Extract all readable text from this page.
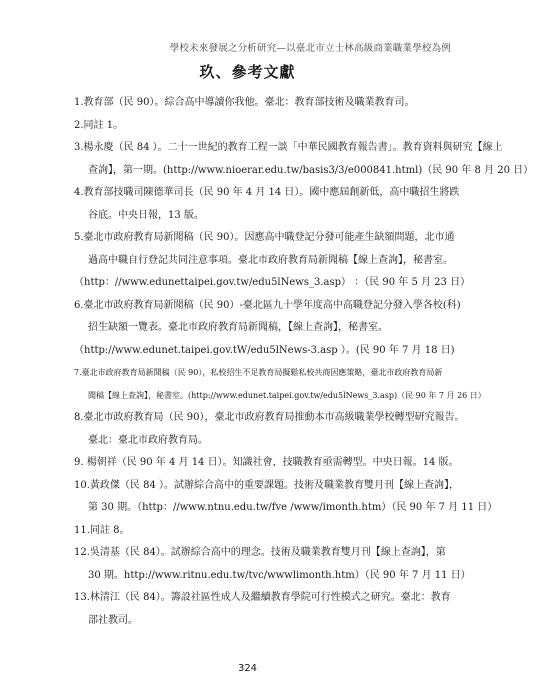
學校未來發展之分析研究—以臺北市立士林高級商業職業學校為例
玖、參考文獻
1.教育部（民 90）。綜合高中導讀你我他。臺北：教育部技術及職業教育司。
2.同註 1。
3.楊永慶（民 84 ）。二十一世紀的教育工程一談「中華民國教育報告書」。教育資料與研究【線上
查詢】，第一期。(http://www.nioerar.edu.tw/basis3/3/e000841.html)（民 90 年 8 月 20 日）
4.教育部技職司陳德華司長（民 90 年 4 月 14 日）。國中應屆創新低，高中職招生將跌
谷底。中央日報，13 版。
5.臺北市政府教育局新聞稿（民 90）。因應高中職登記分發可能產生缺額問題，北市通
過高中職自行登記共同注意事項。臺北市政府教育局新聞稿【線上查詢】，秘書室。
（http：//www.edunettaipei.gov.tw/edu5lNews_3.asp） ：（民 90 年 5 月 23 日）
6.臺北市政府教育局新聞稿（民 90）-臺北區九十學年度高中高職登記分發入學各校(科)
招生缺額一覽表。臺北市政府教育局新聞稿，【線上查詢】，秘書室。
（http://www.edunet.taipei.gov.tW/edu5lNews-3.asp ）。(民 90 年 7 月 18 日)
7.臺北市政府教育局新聞稿（民 90），私校招生不足教育局擬鬆私校共商因應策略，臺北市政府教育局新
聞稿【線上查詢】，秘書室。(http://www.edunet.taipei.gov.tw/edu5lNews_3.asp)（民 90 年 7 月 26 日）
8.臺北市政府教育局（民 90），臺北市政府教育局推動本市高級職業學校轉型研究報告。
臺北：臺北市政府教育局。
9. 楊朝祥（民 90 年 4 月 14 日）。知識社會，技職教育亟需轉型。中央日報。14 版。
10.黃政傑（民 84 ）。試辦綜合高中的重要課題。技術及職業教育雙月刊【線上查詢】，
第 30 期。（http：//www.ntnu.edu.tw/fve /www/imonth.htm）（民 90 年 7 月 11 日）
11.同註 8。
12.吳清基（民 84）。試辦綜合高中的理念。技術及職業教育雙月刊【線上查詢】，第
30 期。http://www.ritnu.edu.tw/tvc/wwwlimonth.htm）（民 90 年 7 月 11 日）
13.林清江（民 84）。籌設社區性成人及繼續教育學院可行性模式之研究。臺北：教育
部社教司。
324
